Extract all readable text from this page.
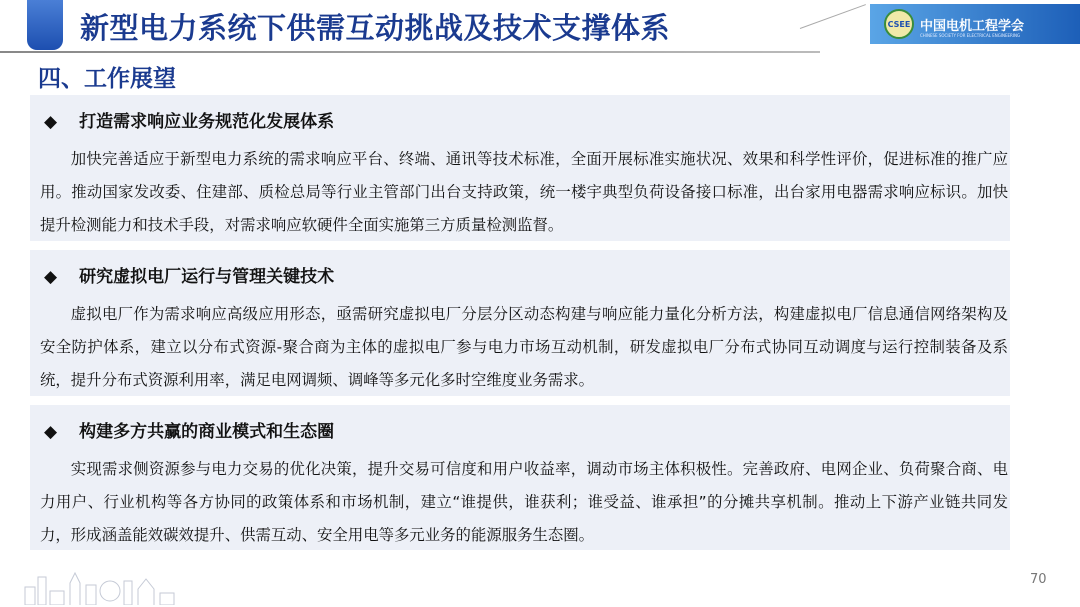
新型电力系统下供需互动挑战及技术支撑体系	CSEE 中国电机工程学会
CHINESE SOCIETY FOR ELECTRICAL ENGINEERING
四、工作展望
◆ 打造需求响应业务规范化发展体系
加快完善适应于新型电力系统的需求响应平台、终端、通讯等技术标准，全面开展标准实施状况、效果和科学性评价，促进标准的推广应用。推动国家发改委、住建部、质检总局等行业主管部门出台支持政策，统一楼宇典型负荷设备接口标准，出台家用电器需求响应标识。加快提升检测能力和技术手段，对需求响应软硬件全面实施第三方质量检测监督。
◆ 研究虚拟电厂运行与管理关键技术
虚拟电厂作为需求响应高级应用形态，亟需研究虚拟电厂分层分区动态构建与响应能力量化分析方法，构建虚拟电厂信息通信网络架构及安全防护体系，建立以分布式资源-聚合商为主体的虚拟电厂参与电力市场互动机制，研发虚拟电厂分布式协同互动调度与运行控制装备及系统，提升分布式资源利用率，满足电网调频、调峰等多元化多时空维度业务需求。
◆ 构建多方共赢的商业模式和生态圈
实现需求侧资源参与电力交易的优化决策，提升交易可信度和用户收益率，调动市场主体积极性。完善政府、电网企业、负荷聚合商、电力用户、行业机构等各方协同的政策体系和市场机制，建立“谁提供，谁获利；谁受益、谁承担”的分摊共享机制。推动上下游产业链共同发力，形成涵盖能效碳效提升、供需互动、安全用电等多元业务的能源服务生态圈。
70
